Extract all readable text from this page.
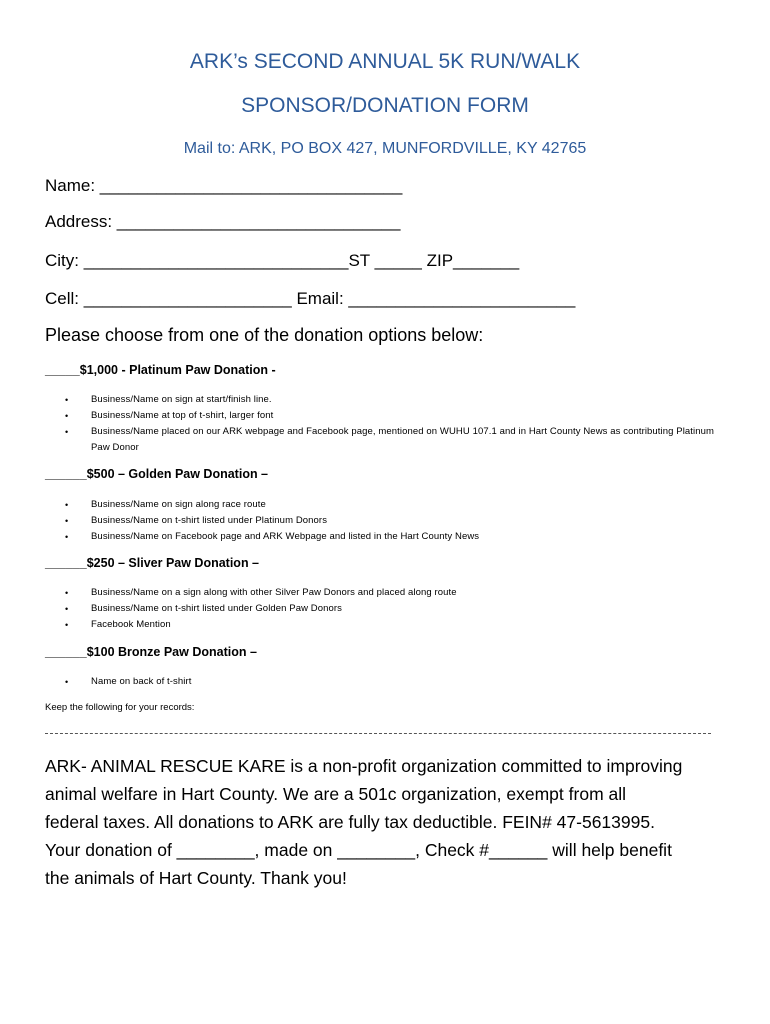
ARK’s SECOND ANNUAL 5K RUN/WALK
SPONSOR/DONATION FORM
Mail to: ARK, PO BOX 427, MUNFORDVILLE, KY 42765
Name: ________________________________
Address: ______________________________
City: ____________________________ST _____ ZIP_______
Cell: ______________________ Email: ________________________
Please choose from one of the donation options below:
_____$1,000 - Platinum Paw Donation -
• Business/Name on sign at start/finish line.
• Business/Name at top of t-shirt, larger font
• Business/Name placed on our ARK webpage and Facebook page, mentioned on WUHU 107.1 and in Hart County News as contributing Platinum Paw Donor
______$500 – Golden Paw Donation –
• Business/Name on sign along race route
• Business/Name on t-shirt listed under Platinum Donors
• Business/Name on Facebook page and ARK Webpage and listed in the Hart County News
______$250 – Sliver Paw Donation –
• Business/Name on a sign along with other Silver Paw Donors and placed along route
• Business/Name on t-shirt listed under Golden Paw Donors
• Facebook Mention
______$100 Bronze Paw Donation –
• Name on back of t-shirt
Keep the following for your records:

ARK- ANIMAL RESCUE KARE is a non-profit organization committed to improving

animal welfare in Hart County. We are a 501c organization, exempt from all

federal taxes. All donations to ARK are fully tax deductible. FEIN# 47-5613995.

Your donation of ________, made on ________, Check #______ will help benefit

the animals of Hart County. Thank you!
